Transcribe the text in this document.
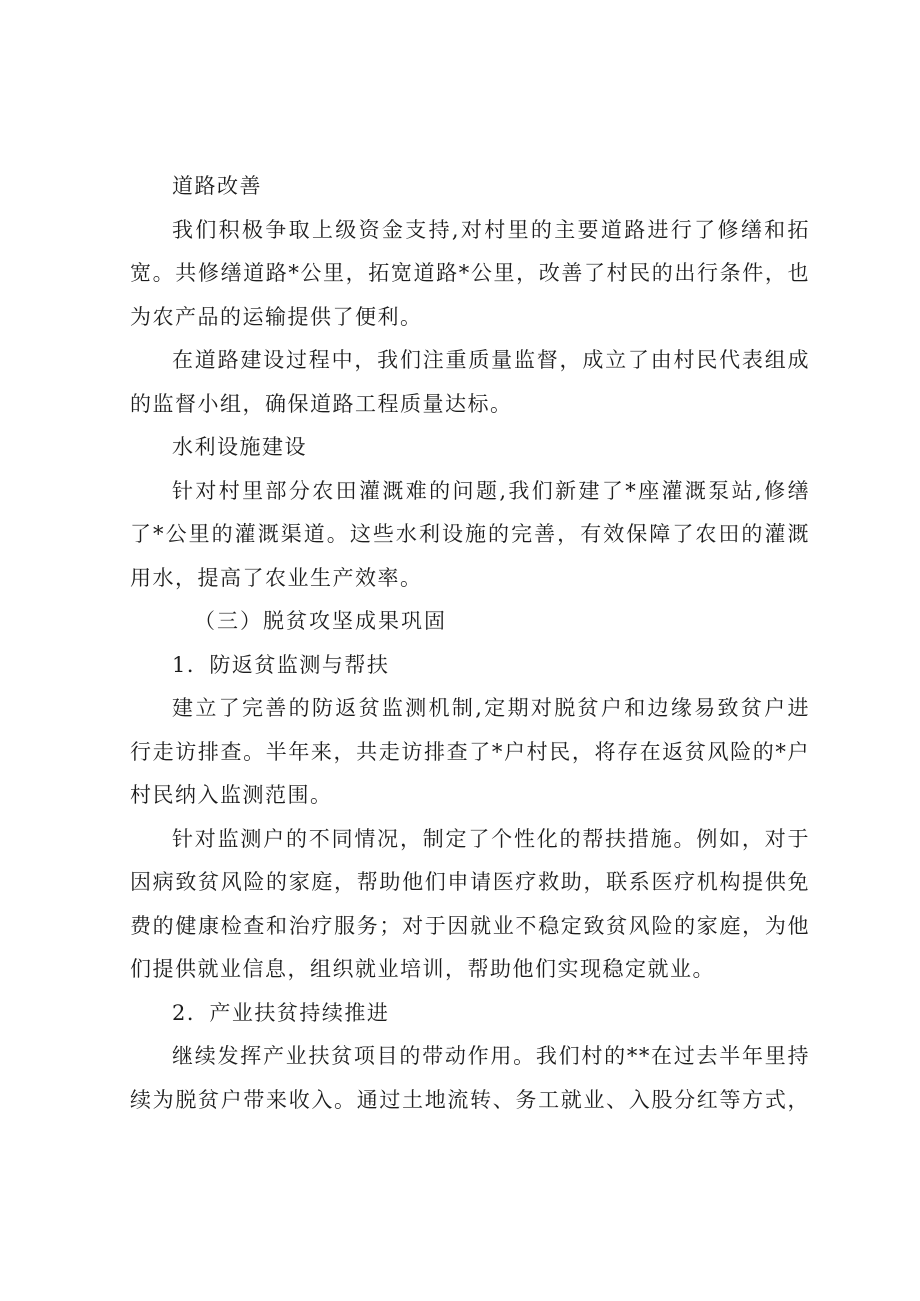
道路改善
我们积极争取上级资金支持,对村里的主要道路进行了修缮和拓
宽。共修缮道路*公里，拓宽道路*公里，改善了村民的出行条件，也
为农产品的运输提供了便利。
在道路建设过程中，我们注重质量监督，成立了由村民代表组成
的监督小组，确保道路工程质量达标。
水利设施建设
针对村里部分农田灌溉难的问题,我们新建了*座灌溉泵站,修缮
了*公里的灌溉渠道。这些水利设施的完善，有效保障了农田的灌溉
用水，提高了农业生产效率。
（三）脱贫攻坚成果巩固
1．防返贫监测与帮扶
建立了完善的防返贫监测机制,定期对脱贫户和边缘易致贫户进
行走访排查。半年来，共走访排查了*户村民，将存在返贫风险的*户
村民纳入监测范围。
针对监测户的不同情况，制定了个性化的帮扶措施。例如，对于
因病致贫风险的家庭，帮助他们申请医疗救助，联系医疗机构提供免
费的健康检查和治疗服务；对于因就业不稳定致贫风险的家庭，为他
们提供就业信息，组织就业培训，帮助他们实现稳定就业。
2．产业扶贫持续推进
继续发挥产业扶贫项目的带动作用。我们村的**在过去半年里持
续为脱贫户带来收入。通过土地流转、务工就业、入股分红等方式，
